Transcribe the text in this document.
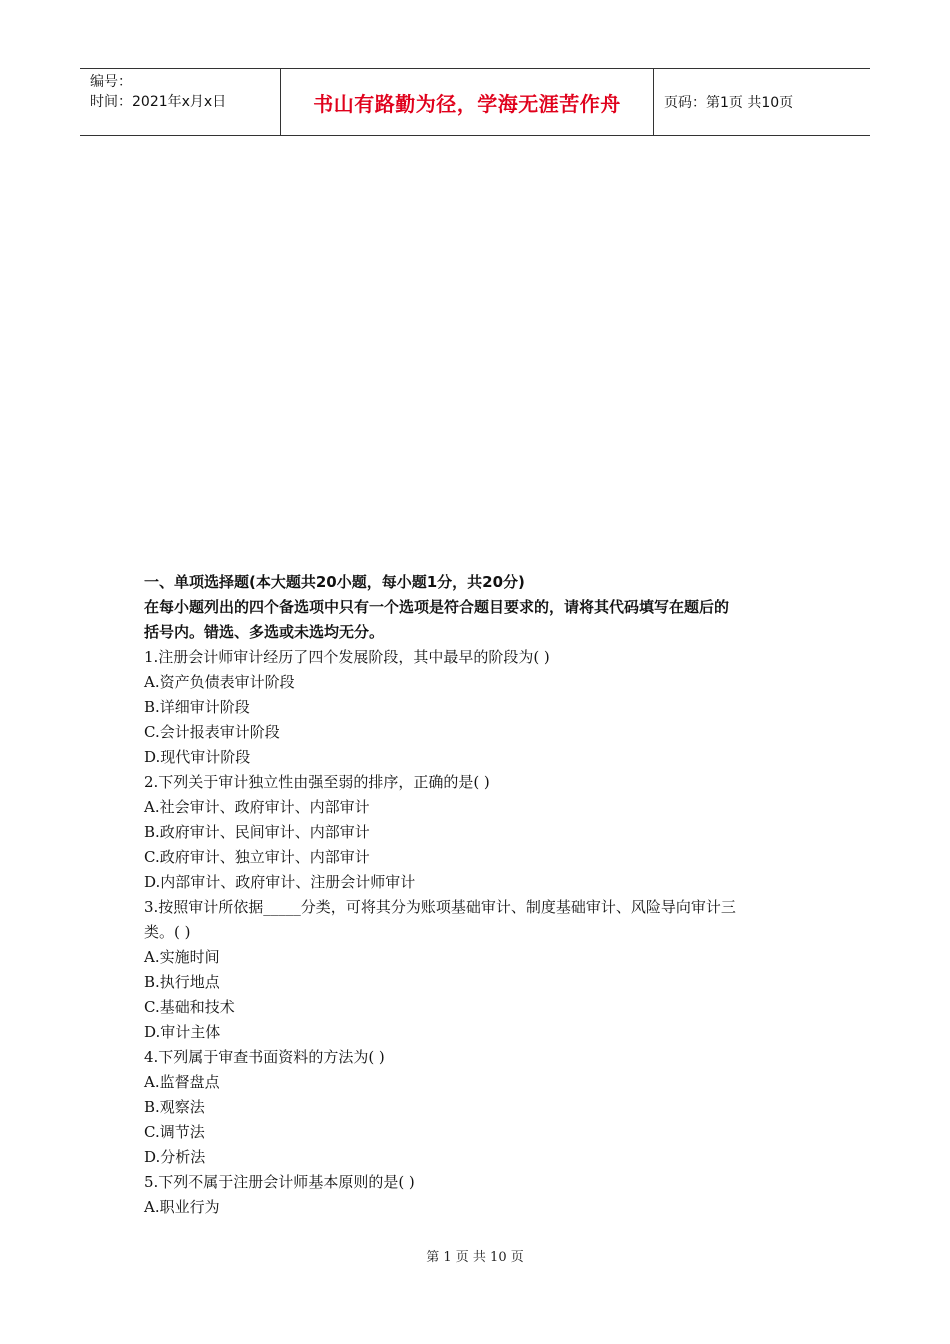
编号：
时间：2021年x月x日	书山有路勤为径，学海无涯苦作舟	页码：第1页 共10页

一、单项选择题(本大题共20小题，每小题1分，共20分)

在每小题列出的四个备选项中只有一个选项是符合题目要求的，请将其代码填写在题后的

括号内。错选、多选或未选均无分。

1.注册会计师审计经历了四个发展阶段，其中最早的阶段为( )

A.资产负债表审计阶段

B.详细审计阶段

C.会计报表审计阶段

D.现代审计阶段

2.下列关于审计独立性由强至弱的排序，正确的是( )

A.社会审计、政府审计、内部审计

B.政府审计、民间审计、内部审计

C.政府审计、独立审计、内部审计

D.内部审计、政府审计、注册会计师审计

3.按照审计所依据_____分类，可将其分为账项基础审计、制度基础审计、风险导向审计三

类。( )

A.实施时间

B.执行地点

C.基础和技术

D.审计主体

4.下列属于审查书面资料的方法为( )

A.监督盘点

B.观察法

C.调节法

D.分析法

5.下列不属于注册会计师基本原则的是( )

A.职业行为

第 1 页 共 10 页
